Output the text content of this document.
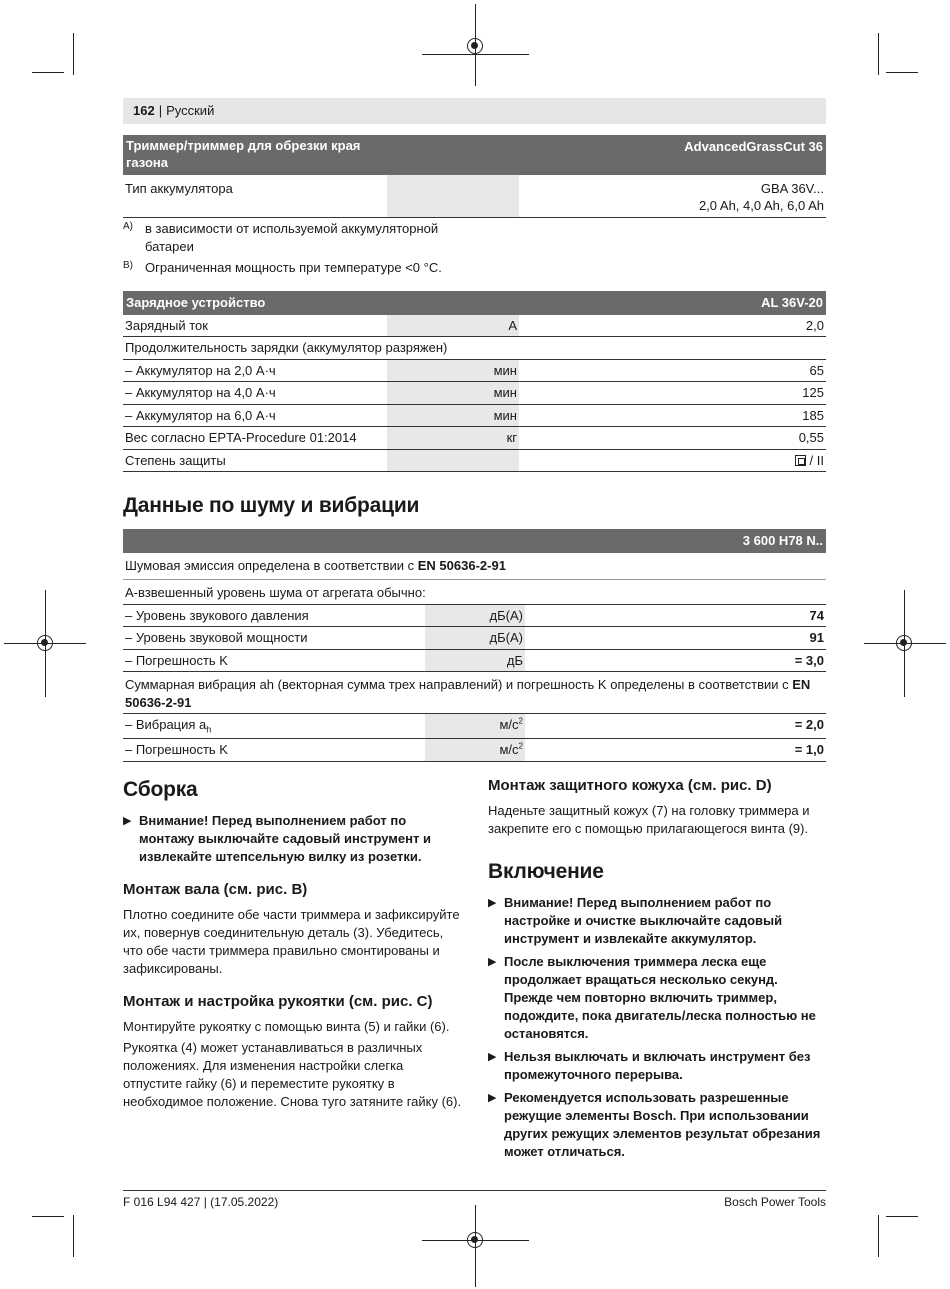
162 | Русский
Триммер/триммер для обрезки края газона		AdvancedGrassCut 36
Тип аккумулятора		GBA 36V...
2,0 Ah, 4,0 Ah, 6,0 Ah
A) в зависимости от используемой аккумуляторной батареи
B) Ограниченная мощность при температуре <0 °C.
Зарядное устройство		AL 36V-20
Зарядный ток	A	2,0
Продолжительность зарядки (аккумулятор разряжен)		
– Аккумулятор на 2,0 А·ч	мин	65
– Аккумулятор на 4,0 А·ч	мин	125
– Аккумулятор на 6,0 А·ч	мин	185
Вес согласно EPTA-Procedure 01:2014	кг	0,55
Степень защиты		/ II
Данные по шуму и вибрации
		3 600 H78 N..
Шумовая эмиссия определена в соответствии с EN 50636-2-91		
А-взвешенный уровень шума от агрегата обычно:		
– Уровень звукового давления	дБ(A)	74
– Уровень звуковой мощности	дБ(A)	91
– Погрешность K	дБ	= 3,0
Суммарная вибрация ah (векторная сумма трех направлений) и погрешность K определены в соответствии с EN
50636-2-91		
– Вибрация $a_h$	$м/с^2$	= 2,0
– Погрешность K	$м/с^2$	= 1,0
Сборка
▶ Внимание! Перед выполнением работ по монтажу выключайте садовый инструмент и извлекайте штепсельную вилку из розетки.
Монтаж вала (см. рис. B)

Плотно соедините обе части триммера и зафиксируйте их, повернув соединительную деталь (3). Убедитесь, что обе части триммера правильно смонтированы и зафиксированы.

Монтаж и настройка рукоятки (см. рис. C)

Монтируйте рукоятку с помощью винта (5) и гайки (6).

Рукоятка (4) может устанавливаться в различных положениях. Для изменения настройки слегка отпустите гайку (6) и переместите рукоятку в необходимое положение. Снова туго затяните гайку (6).

Монтаж защитного кожуха (см. рис. D)

Наденьте защитный кожух (7) на головку триммера и закрепите его с помощью прилагающегося винта (9).

Включение
▶ Внимание! Перед выполнением работ по настройке и очистке выключайте садовый инструмент и извлекайте аккумулятор.
▶ После выключения триммера леска еще продолжает вращаться несколько секунд. Прежде чем повторно включить триммер, подождите, пока двигатель/леска полностью не остановятся.
▶ Нельзя выключать и включать инструмент без промежуточного перерыва.
▶ Рекомендуется использовать разрешенные режущие элементы Bosch. При использовании других режущих элементов результат обрезания может отличаться.
F 016 L94 427 | (17.05.2022)	Bosch Power Tools
